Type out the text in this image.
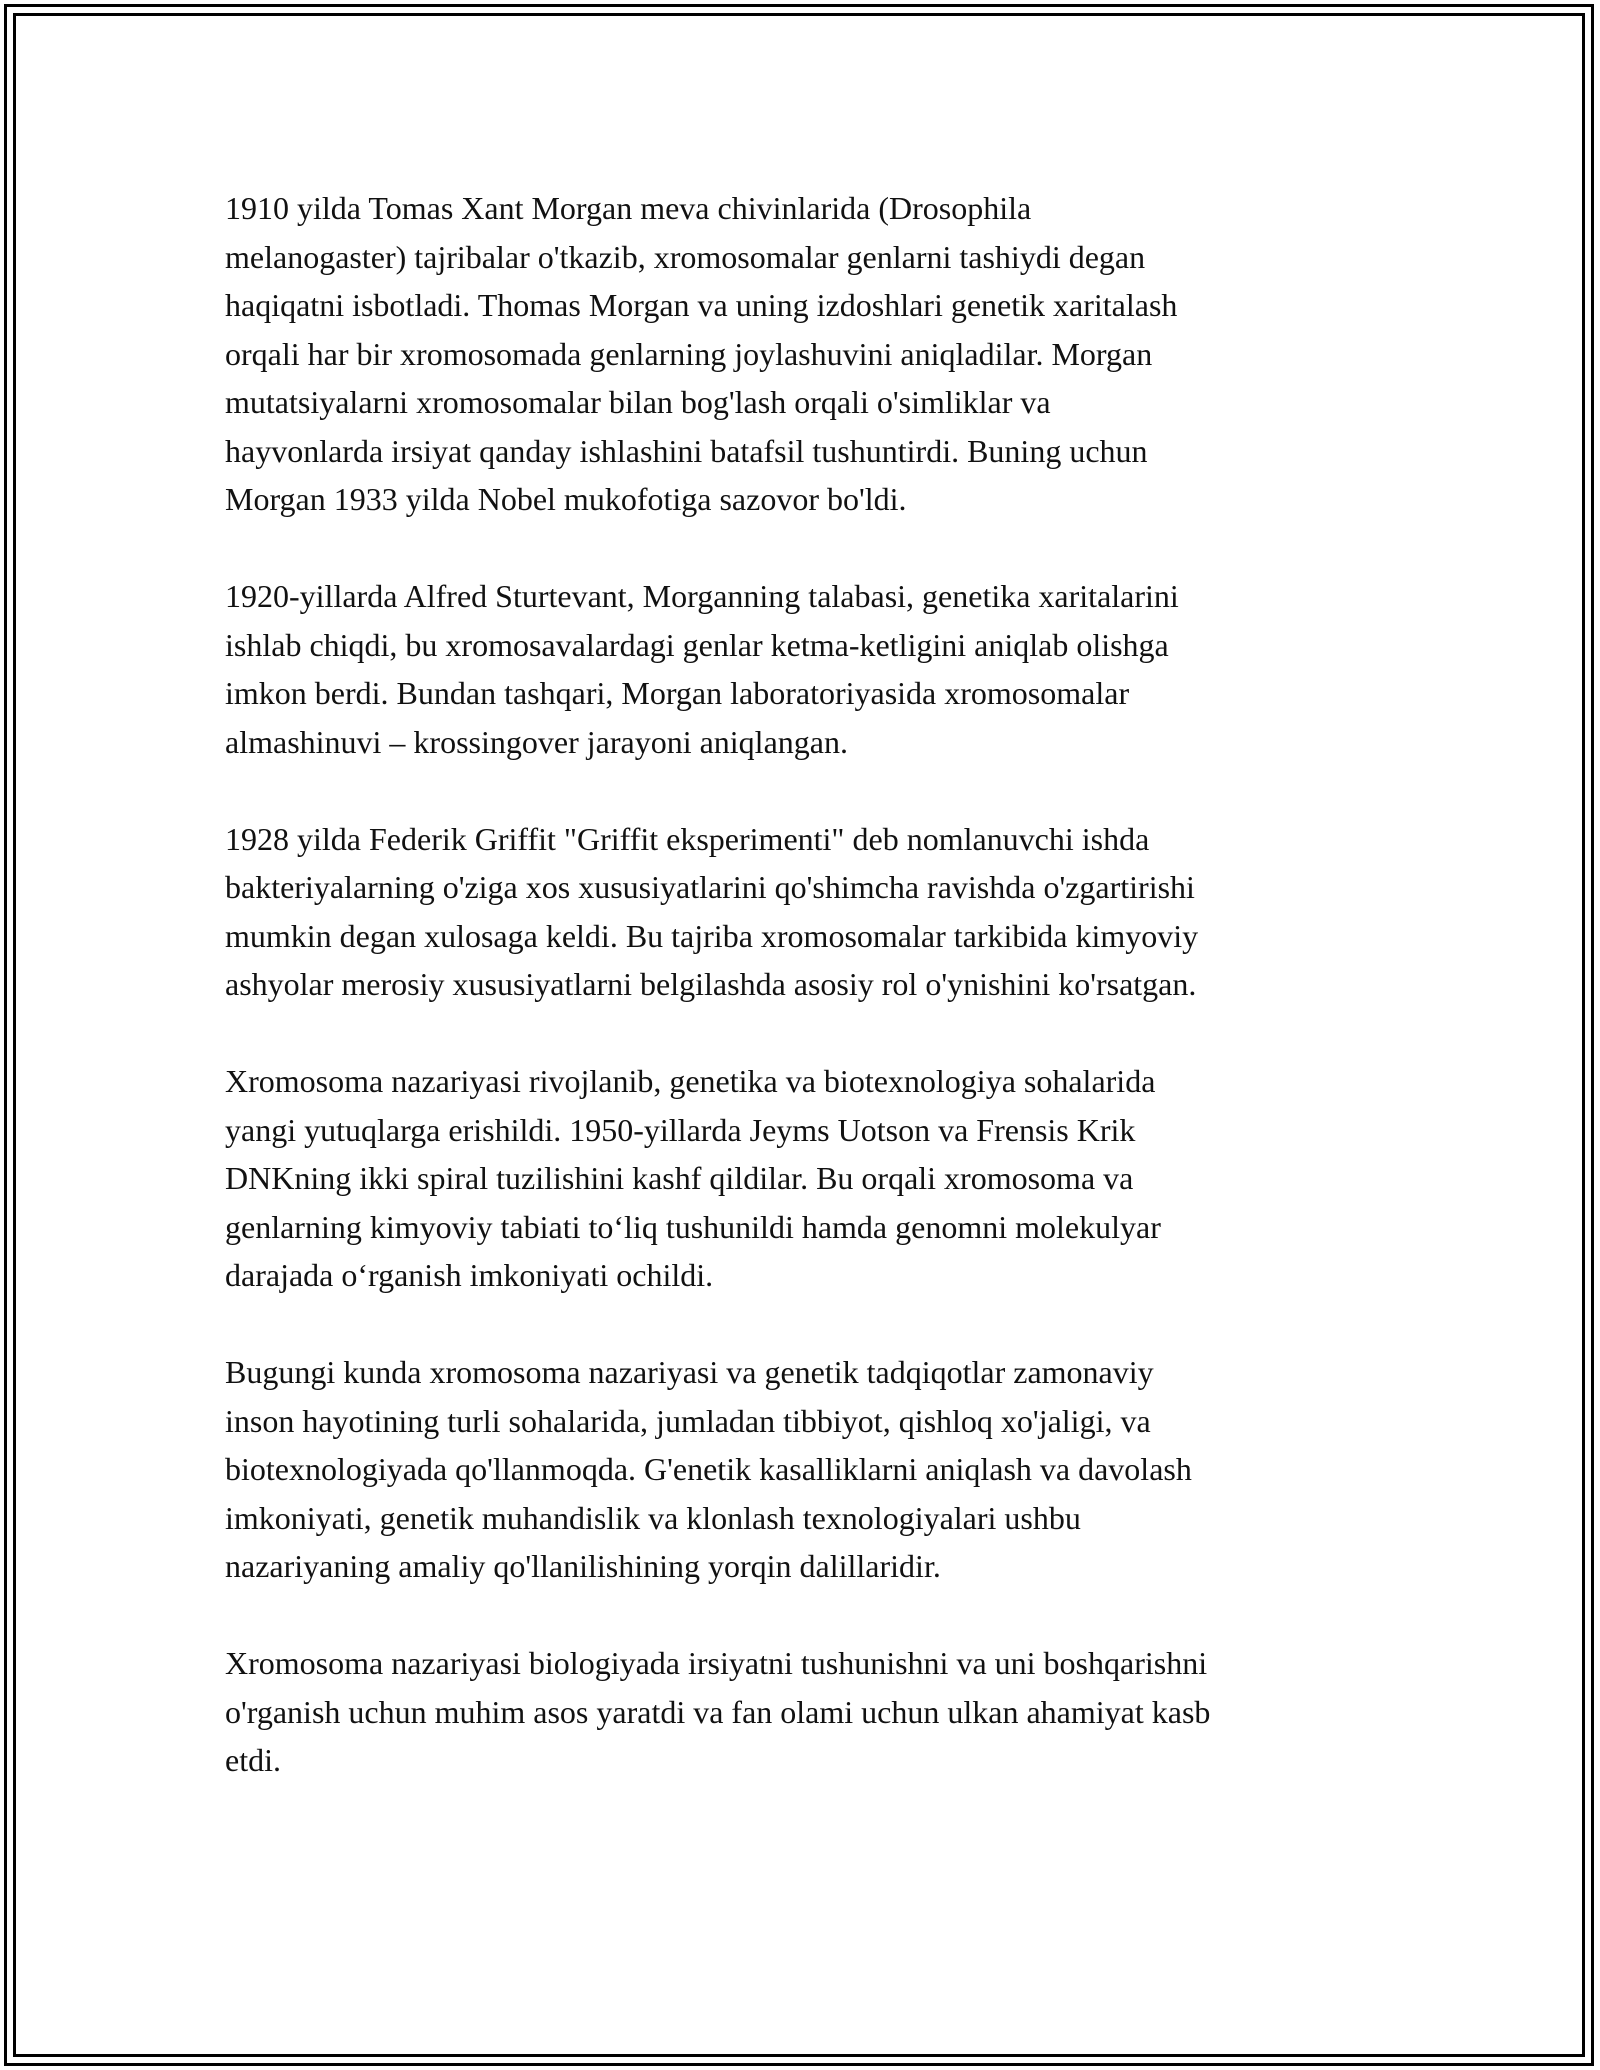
1910 yilda Tomas Xant Morgan meva chivinlarida (Drosophila
melanogaster) tajribalar o'tkazib, xromosomalar genlarni tashiydi degan
haqiqatni isbotladi. Thomas Morgan va uning izdoshlari genetik xaritalash
orqali har bir xromosomada genlarning joylashuvini aniqladilar. Morgan
mutatsiyalarni xromosomalar bilan bog'lash orqali o'simliklar va
hayvonlarda irsiyat qanday ishlashini batafsil tushuntirdi. Buning uchun
Morgan 1933 yilda Nobel mukofotiga sazovor bo'ldi.

1920-yillarda Alfred Sturtevant, Morganning talabasi, genetika xaritalarini
ishlab chiqdi, bu xromosavalardagi genlar ketma-ketligini aniqlab olishga
imkon berdi. Bundan tashqari, Morgan laboratoriyasida xromosomalar
almashinuvi – krossingover jarayoni aniqlangan.

1928 yilda Federik Griffit "Griffit eksperimenti" deb nomlanuvchi ishda
bakteriyalarning o'ziga xos xususiyatlarini qo'shimcha ravishda o'zgartirishi
mumkin degan xulosaga keldi. Bu tajriba xromosomalar tarkibida kimyoviy
ashyolar merosiy xususiyatlarni belgilashda asosiy rol o'ynishini ko'rsatgan.

Xromosoma nazariyasi rivojlanib, genetika va biotexnologiya sohalarida
yangi yutuqlarga erishildi. 1950-yillarda Jeyms Uotson va Frensis Krik
DNKning ikki spiral tuzilishini kashf qildilar. Bu orqali xromosoma va
genlarning kimyoviy tabiati to‘liq tushunildi hamda genomni molekulyar
darajada o‘rganish imkoniyati ochildi.

Bugungi kunda xromosoma nazariyasi va genetik tadqiqotlar zamonaviy
inson hayotining turli sohalarida, jumladan tibbiyot, qishloq xo'jaligi, va
biotexnologiyada qo'llanmoqda. G'enetik kasalliklarni aniqlash va davolash
imkoniyati, genetik muhandislik va klonlash texnologiyalari ushbu
nazariyaning amaliy qo'llanilishining yorqin dalillaridir.

Xromosoma nazariyasi biologiyada irsiyatni tushunishni va uni boshqarishni
o'rganish uchun muhim asos yaratdi va fan olami uchun ulkan ahamiyat kasb
etdi.
